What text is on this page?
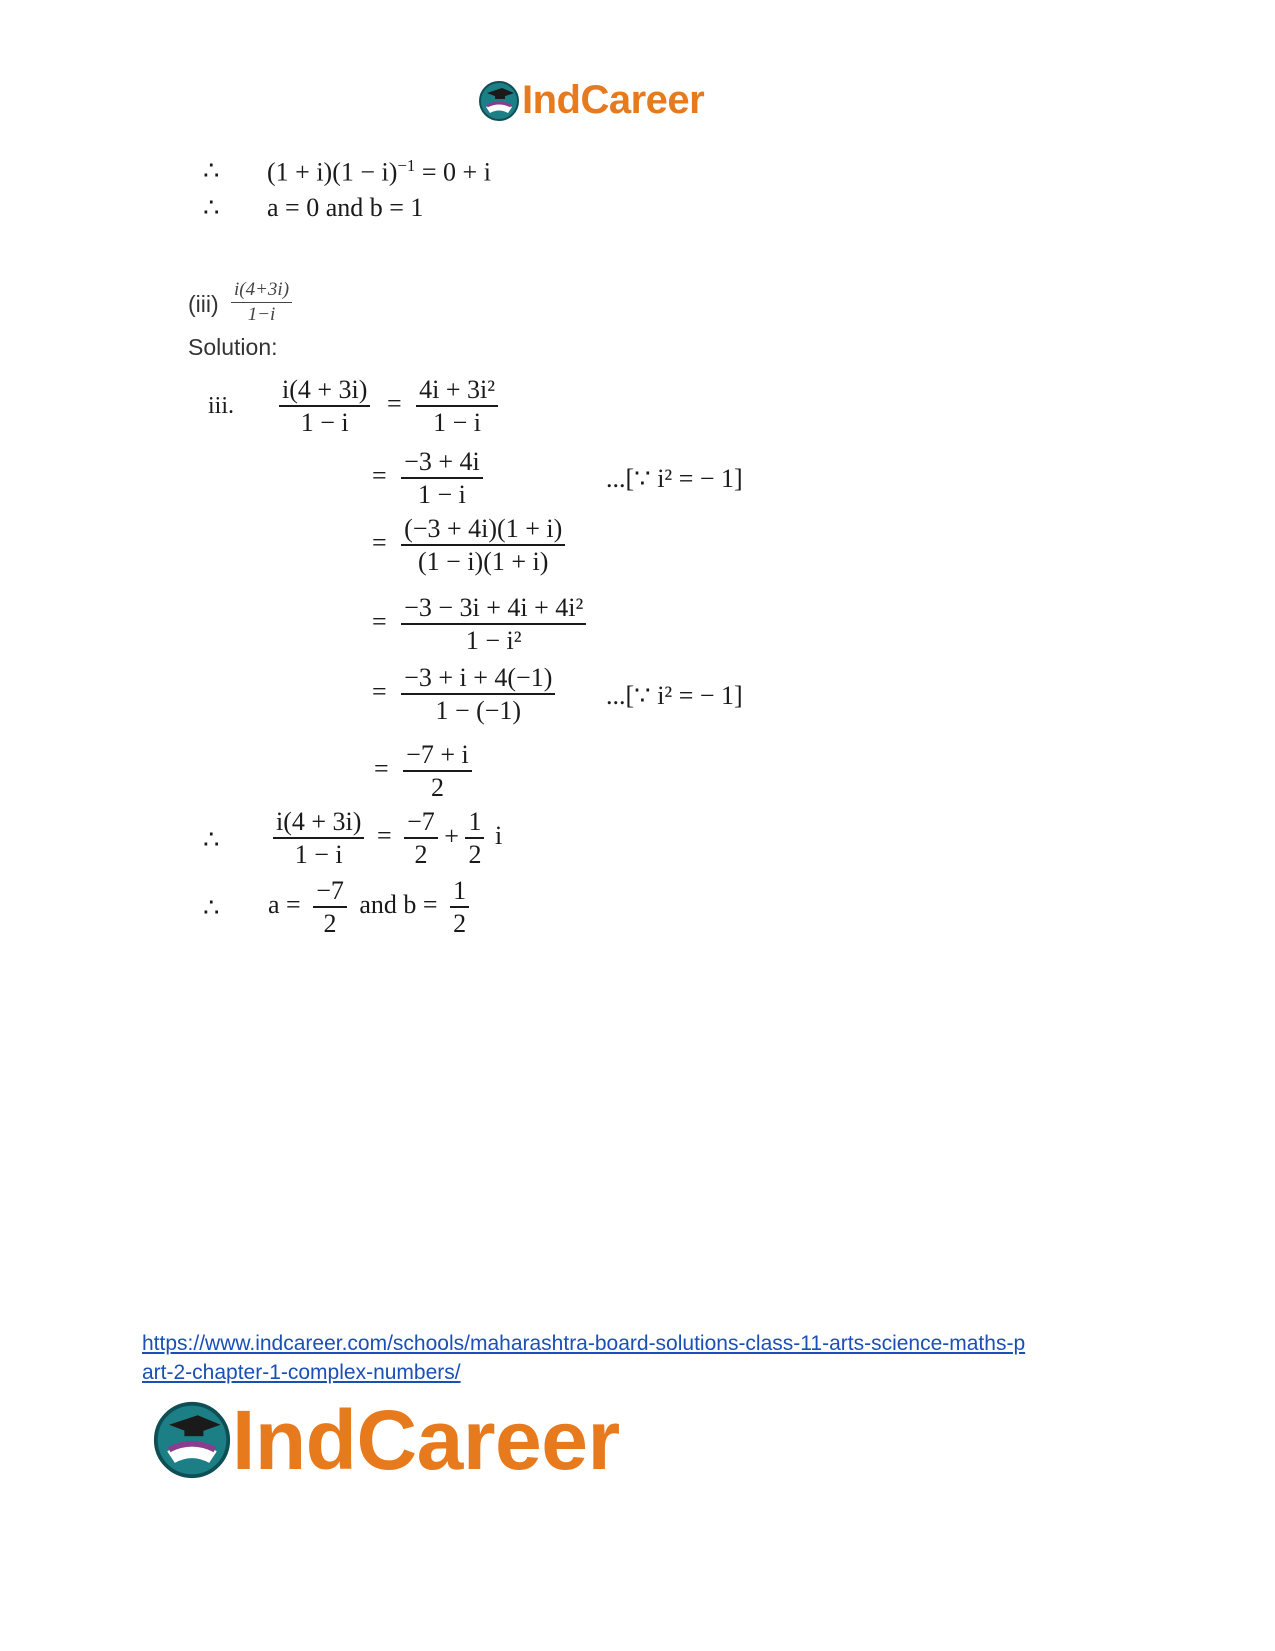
IndCareer
∴ $(1 + i)(1 - i)^{-1} = 0 + i$
∴ a = 0 and b = 1
$(iii) \frac{i(4+3i)}{1-i}$
Solution:
iii. $\frac{i(4 + 3i)}{1 - i} = \frac{\text{4i + 3i²}}{1 - i}$
= $\frac{-3 + 4i}{1 - i}$	...[∵ i² = − 1]
= $\frac{(-3 + 4i)(1 + i)}{(1 - i)(1 + i)}$
= $\frac{\text{−3 − 3i + 4i + 4i²}}{\text{1 − i²}}$
= $\frac{-3 + i + 4(-1)}{1 - (-1)}$ ...[∵ i² = − 1]
= $\frac{-7 + i}{2}$
∴ $\frac{i(4 + 3i)}{1 - i} = \frac{-7}{2} + \frac{1}{2}$ i
∴ $a = \frac{-7}{2}$ and $b = \frac{1}{2}$
https://www.indcareer.com/schools/maharashtra-board-solutions-class-11-arts-science-maths-p
art-2-chapter-1-complex-numbers/
IndCareer
